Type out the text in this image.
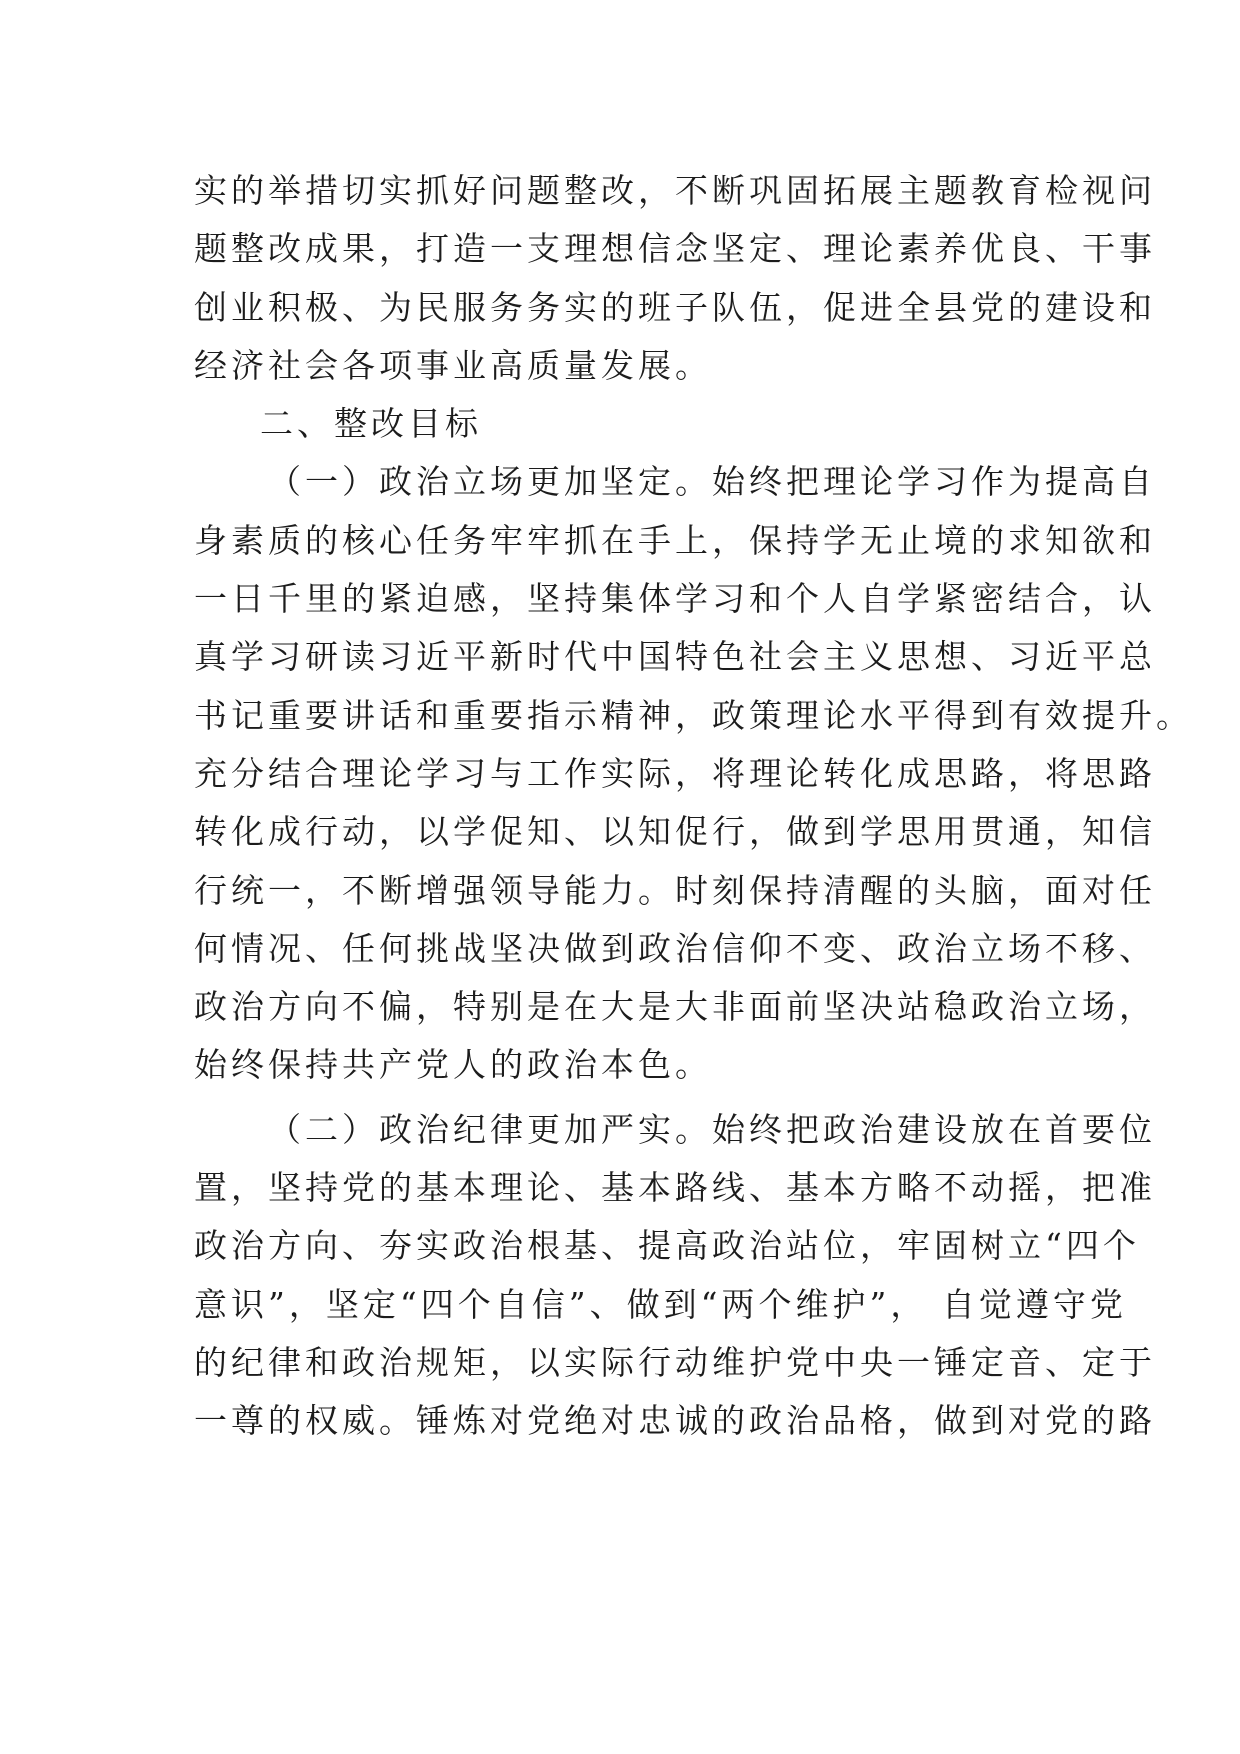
实的举措切实抓好问题整改，不断巩固拓展主题教育检视问
题整改成果，打造一支理想信念坚定、理论素养优良、干事
创业积极、为民服务务实的班子队伍，促进全县党的建设和
经济社会各项事业高质量发展。
二、整改目标
（一）政治立场更加坚定。始终把理论学习作为提高自
身素质的核心任务牢牢抓在手上，保持学无止境的求知欲和
一日千里的紧迫感，坚持集体学习和个人自学紧密结合，认
真学习研读习近平新时代中国特色社会主义思想、习近平总
书记重要讲话和重要指示精神，政策理论水平得到有效提升。
充分结合理论学习与工作实际，将理论转化成思路，将思路
转化成行动，以学促知、以知促行，做到学思用贯通，知信
行统一，不断增强领导能力。时刻保持清醒的头脑，面对任
何情况、任何挑战坚决做到政治信仰不变、政治立场不移、
政治方向不偏，特别是在大是大非面前坚决站稳政治立场，
始终保持共产党人的政治本色。
（二）政治纪律更加严实。始终把政治建设放在首要位
置，坚持党的基本理论、基本路线、基本方略不动摇，把准
政治方向、夯实政治根基、提高政治站位，牢固树立“四个
意识”，坚定“四个自信”、做到“两个维护”， 自觉遵守党
的纪律和政治规矩，以实际行动维护党中央一锤定音、定于
一尊的权威。锤炼对党绝对忠诚的政治品格，做到对党的路
